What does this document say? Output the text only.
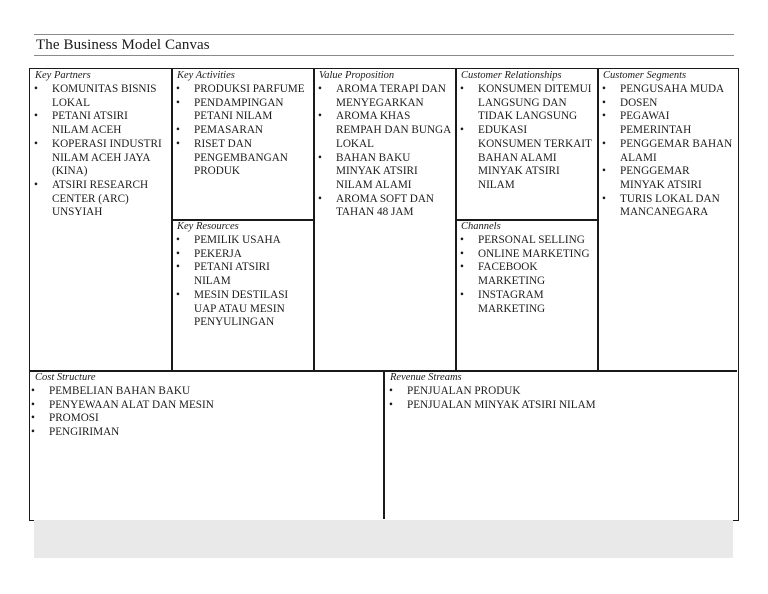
The Business Model Canvas
Key Partners
• KOMUNITAS BISNIS LOKAL
• PETANI ATSIRI NILAM ACEH
• KOPERASI INDUSTRI NILAM ACEH JAYA (KINA)
• ATSIRI RESEARCH CENTER (ARC) UNSYIAH
Key Activities
• PRODUKSI PARFUME
• PENDAMPINGAN PETANI NILAM
• PEMASARAN
• RISET DAN PENGEMBANGAN PRODUK
Key Resources
• PEMILIK USAHA
• PEKERJA
• PETANI ATSIRI NILAM
• MESIN DESTILASI UAP ATAU MESIN PENYULINGAN
Value Proposition
• AROMA TERAPI DAN MENYEGARKAN
• AROMA KHAS REMPAH DAN BUNGA LOKAL
• BAHAN BAKU MINYAK ATSIRI NILAM ALAMI
• AROMA SOFT DAN TAHAN 48 JAM
Customer Relationships
• KONSUMEN DITEMUI LANGSUNG DAN TIDAK LANGSUNG
• EDUKASI KONSUMEN TERKAIT BAHAN ALAMI MINYAK ATSIRI NILAM
Channels
• PERSONAL SELLING
• ONLINE MARKETING
• FACEBOOK MARKETING
• INSTAGRAM MARKETING
Customer Segments
• PENGUSAHA MUDA
• DOSEN
• PEGAWAI PEMERINTAH
• PENGGEMAR BAHAN ALAMI
• PENGGEMAR MINYAK ATSIRI
• TURIS LOKAL DAN MANCANEGARA
Cost Structure
• PEMBELIAN BAHAN BAKU
• PENYEWAAN ALAT DAN MESIN
• PROMOSI
• PENGIRIMAN
Revenue Streams
• PENJUALAN PRODUK
• PENJUALAN MINYAK ATSIRI NILAM
